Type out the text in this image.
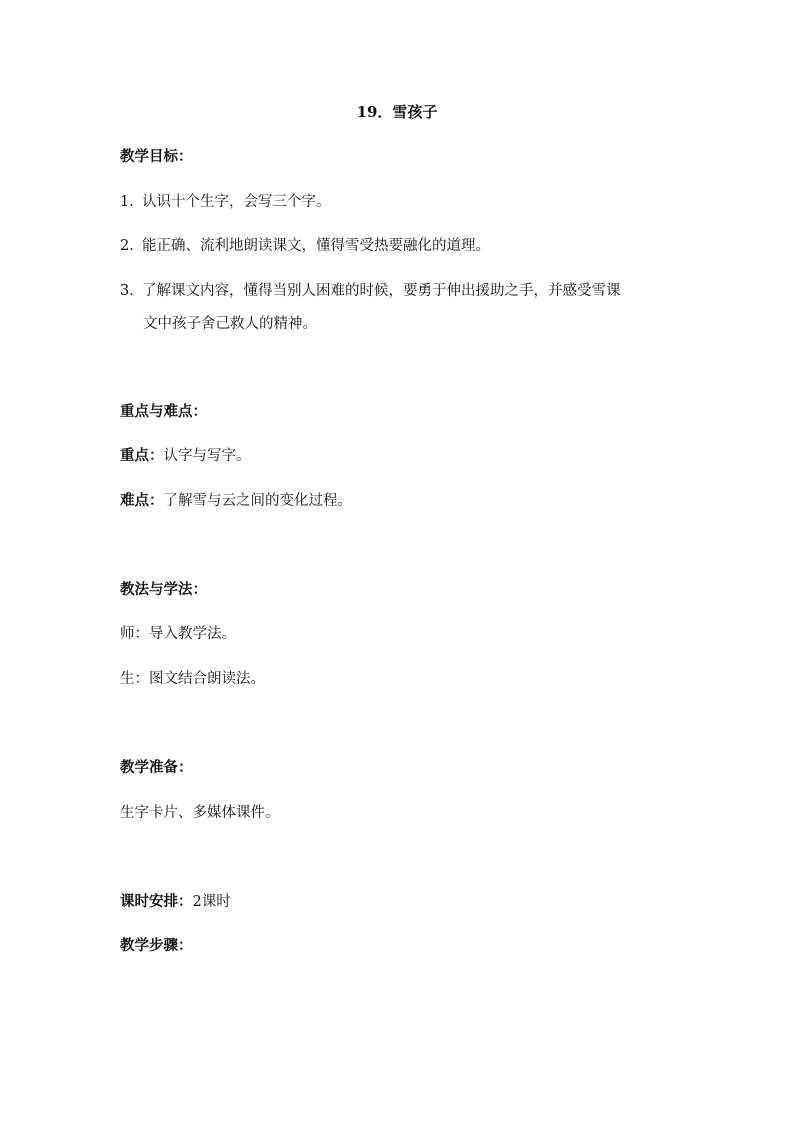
19．雪孩子
教学目标：
1．认识十个生字，会写三个字。
2．能正确、流利地朗读课文，懂得雪受热要融化的道理。
3．了解课文内容，懂得当别人困难的时候，要勇于伸出援助之手，并感受雪课
文中孩子舍己救人的精神。
重点与难点：
重点：认字与写字。
难点：了解雪与云之间的变化过程。
教法与学法：
师：导入教学法。
生：图文结合朗读法。
教学准备：
生字卡片、多媒体课件。
课时安排：2课时
教学步骤：
